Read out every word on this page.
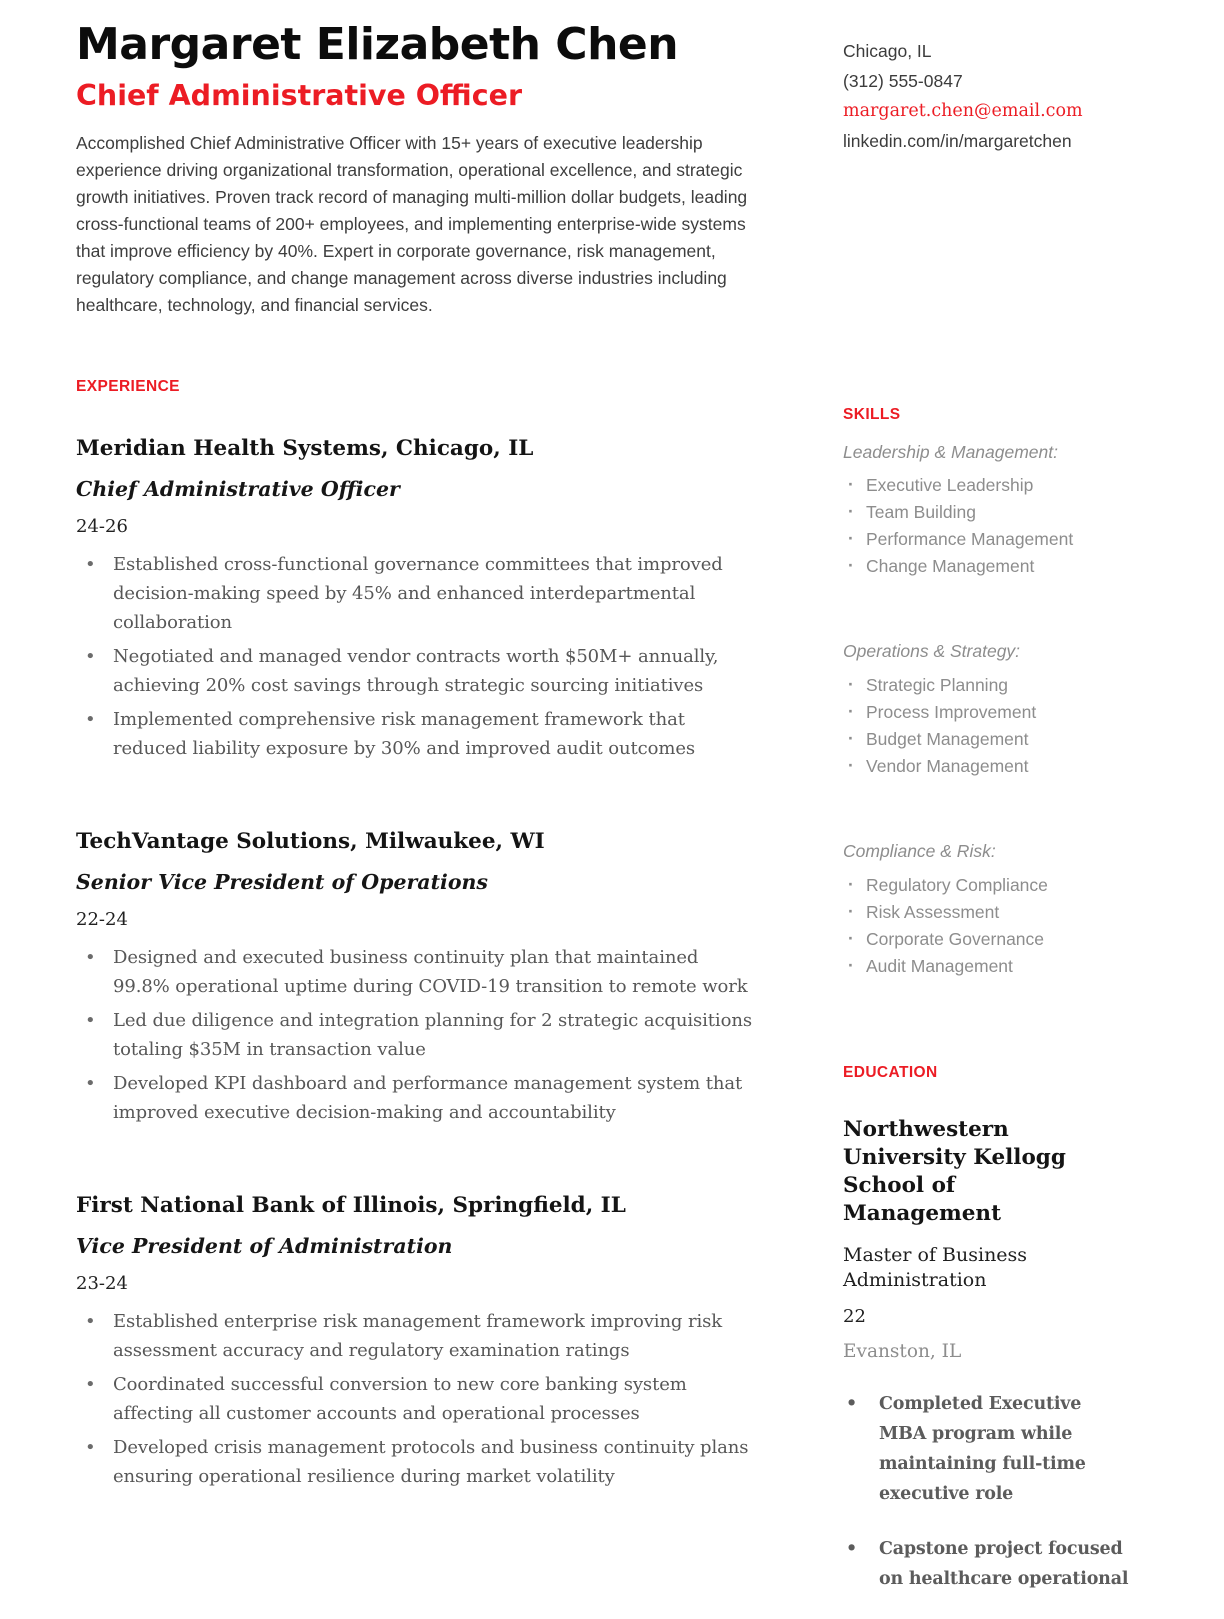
Margaret Elizabeth Chen
Chief Administrative Officer

Accomplished Chief Administrative Officer with 15+ years of executive leadership experience driving organizational transformation, operational excellence, and strategic growth initiatives. Proven track record of managing multi-million dollar budgets, leading cross-functional teams of 200+ employees, and implementing enterprise-wide systems that improve efficiency by 40%. Expert in corporate governance, risk management, regulatory compliance, and change management across diverse industries including healthcare, technology, and financial services.

EXPERIENCE
Meridian Health Systems, Chicago, IL
Chief Administrative Officer
24-26
• Established cross-functional governance committees that improved decision-making speed by 45% and enhanced interdepartmental collaboration
• Negotiated and managed vendor contracts worth $50M+ annually, achieving 20% cost savings through strategic sourcing initiatives
• Implemented comprehensive risk management framework that reduced liability exposure by 30% and improved audit outcomes
TechVantage Solutions, Milwaukee, WI
Senior Vice President of Operations
22-24
• Designed and executed business continuity plan that maintained 99.8% operational uptime during COVID-19 transition to remote work
• Led due diligence and integration planning for 2 strategic acquisitions totaling $35M in transaction value
• Developed KPI dashboard and performance management system that improved executive decision-making and accountability
First National Bank of Illinois, Springfield, IL
Vice President of Administration
23-24
• Established enterprise risk management framework improving risk assessment accuracy and regulatory examination ratings
• Coordinated successful conversion to new core banking system affecting all customer accounts and operational processes
• Developed crisis management protocols and business continuity plans ensuring operational resilience during market volatility
Chicago, IL
(312) 555-0847
margaret.chen@email.com
linkedin.com/in/margaretchen
SKILLS
Leadership & Management:
· Executive Leadership
· Team Building
· Performance Management
· Change Management
Operations & Strategy:
· Strategic Planning
· Process Improvement
· Budget Management
· Vendor Management
Compliance & Risk:
· Regulatory Compliance
· Risk Assessment
· Corporate Governance
· Audit Management
EDUCATION
Northwestern University Kellogg School of Management
Master of Business Administration
22
Evanston, IL
• Completed Executive MBA program while maintaining full-time executive role
• Capstone project focused on healthcare operational
